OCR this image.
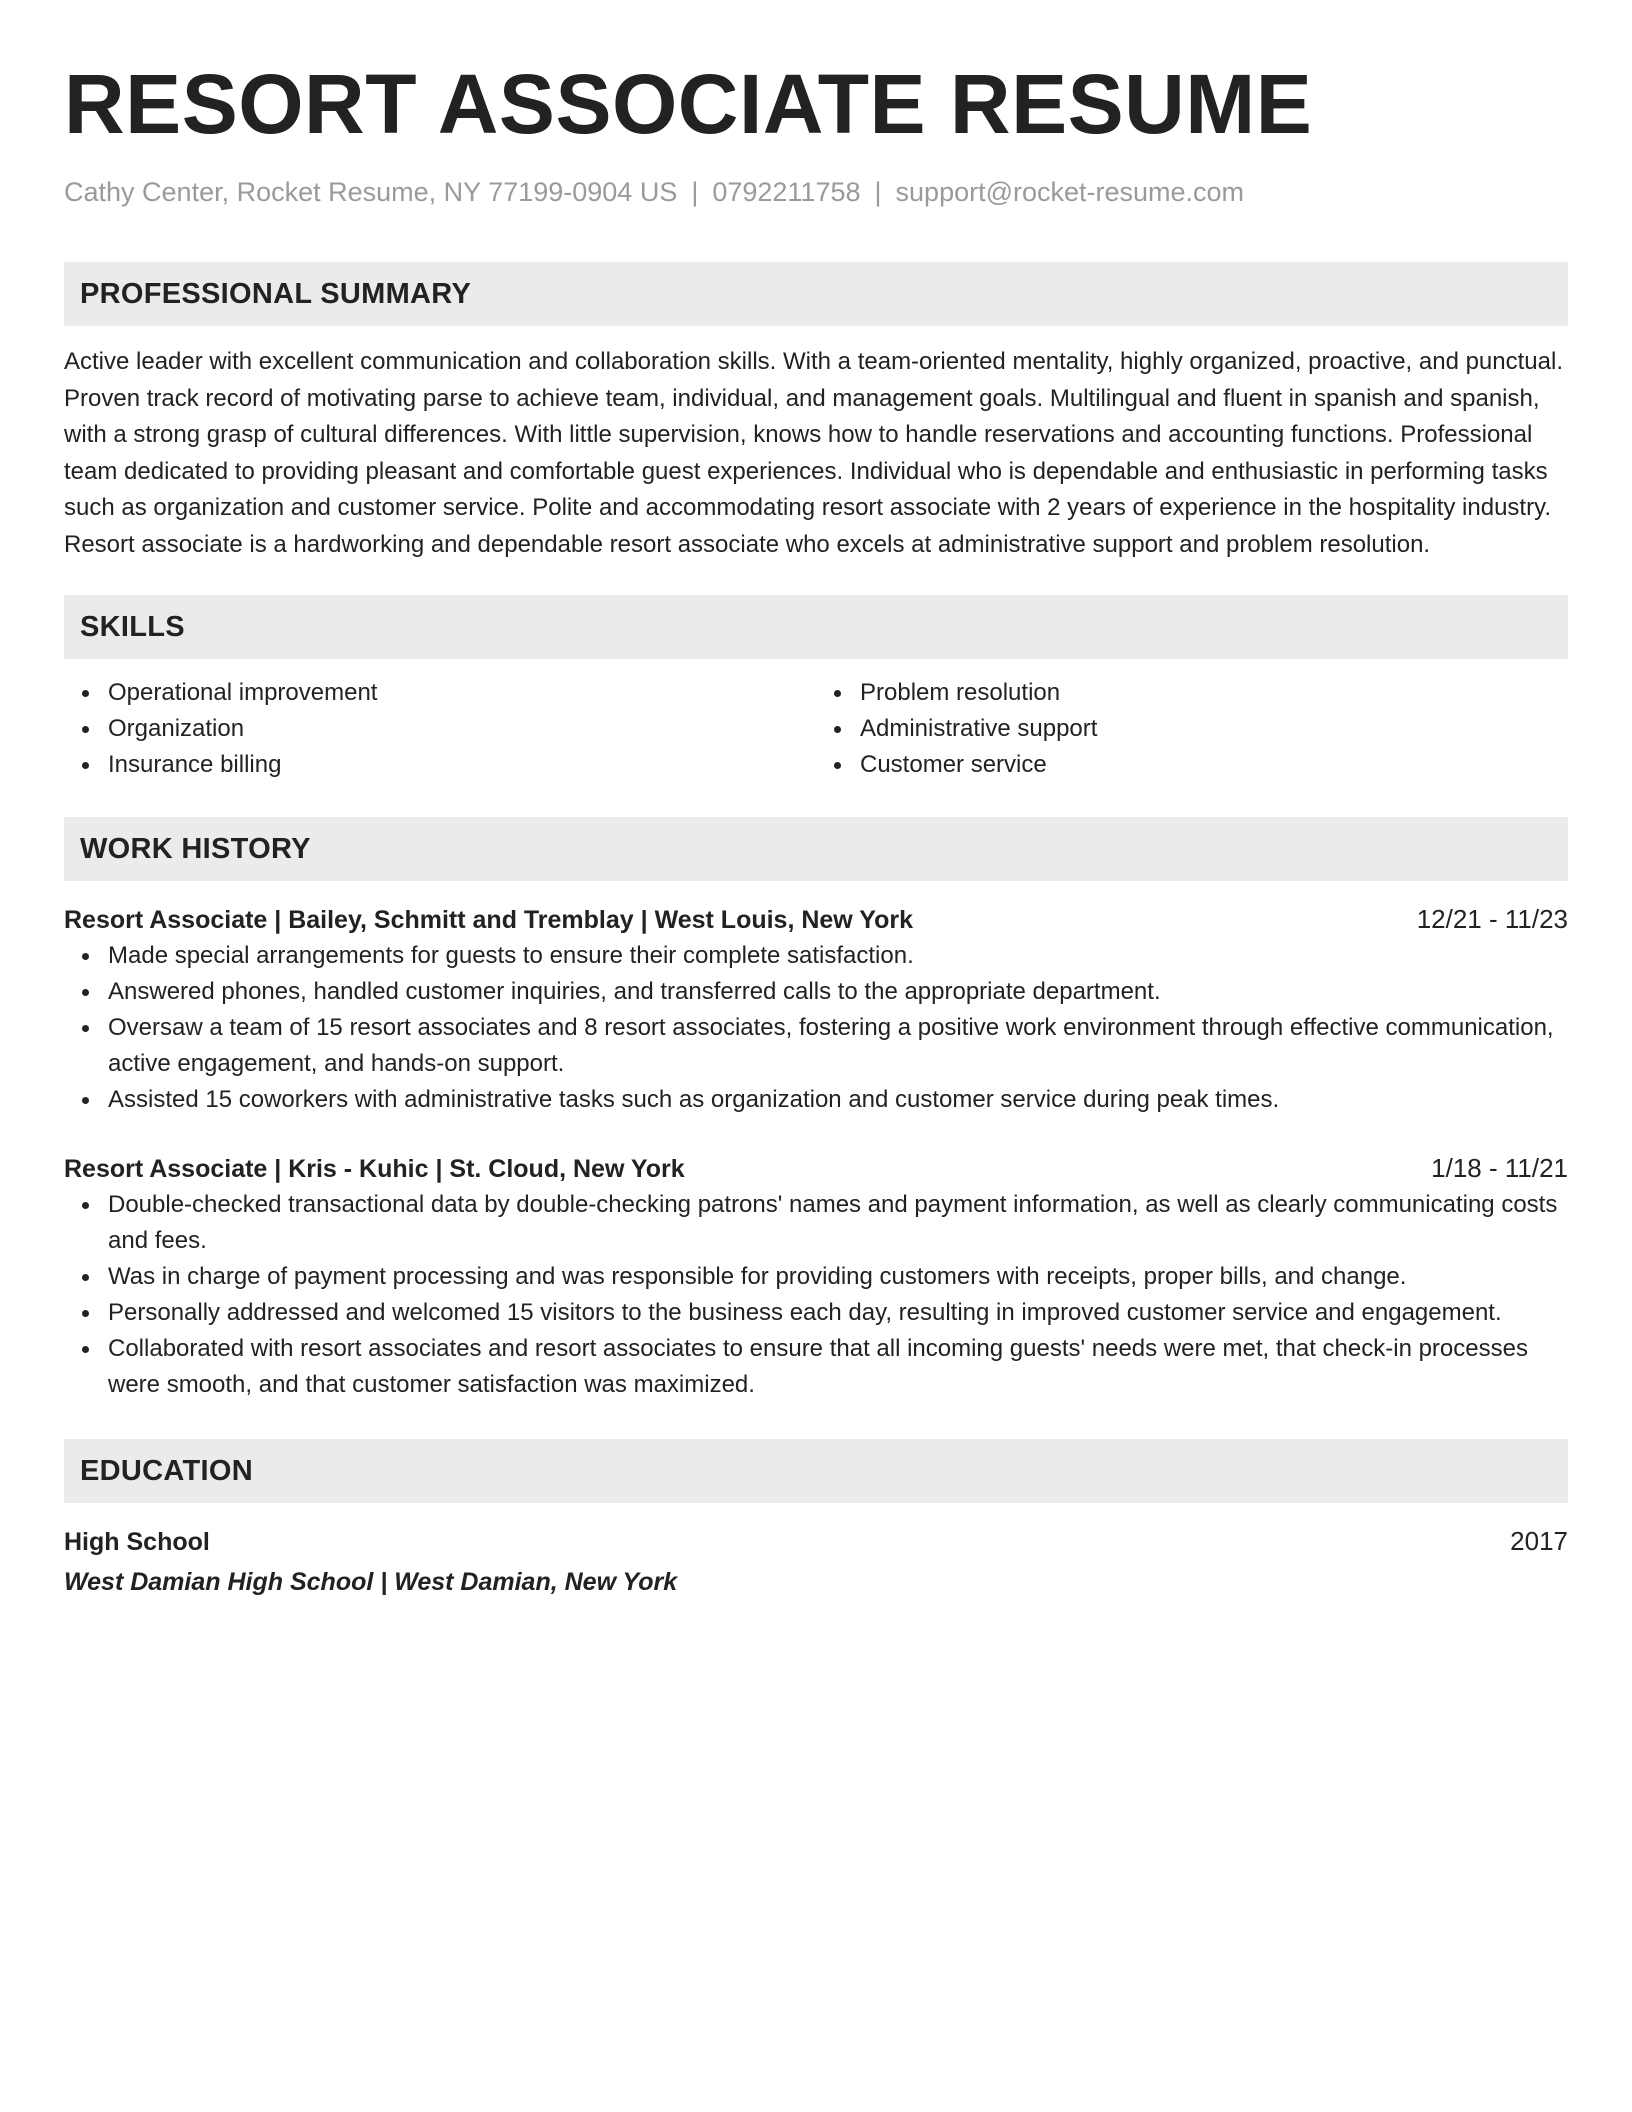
RESORT ASSOCIATE RESUME
Cathy Center, Rocket Resume, NY 77199-0904 US | 0792211758 | support@rocket-resume.com
PROFESSIONAL SUMMARY

Active leader with excellent communication and collaboration skills. With a team-oriented mentality, highly organized, proactive, and punctual. Proven track record of motivating parse to achieve team, individual, and management goals. Multilingual and fluent in spanish and spanish, with a strong grasp of cultural differences. With little supervision, knows how to handle reservations and accounting functions. Professional team dedicated to providing pleasant and comfortable guest experiences. Individual who is dependable and enthusiastic in performing tasks such as organization and customer service. Polite and accommodating resort associate with 2 years of experience in the hospitality industry. Resort associate is a hardworking and dependable resort associate who excels at administrative support and problem resolution.

SKILLS
Operational improvement
Organization
Insurance billing
Problem resolution
Administrative support
Customer service
WORK HISTORY
Resort Associate | Bailey, Schmitt and Tremblay | West Louis, New York	12/21 - 11/23
Made special arrangements for guests to ensure their complete satisfaction.
Answered phones, handled customer inquiries, and transferred calls to the appropriate department.
Oversaw a team of 15 resort associates and 8 resort associates, fostering a positive work environment through effective communication, active engagement, and hands-on support.
Assisted 15 coworkers with administrative tasks such as organization and customer service during peak times.
Resort Associate | Kris - Kuhic | St. Cloud, New York	1/18 - 11/21
Double-checked transactional data by double-checking patrons' names and payment information, as well as clearly communicating costs and fees.
Was in charge of payment processing and was responsible for providing customers with receipts, proper bills, and change.
Personally addressed and welcomed 15 visitors to the business each day, resulting in improved customer service and engagement.
Collaborated with resort associates and resort associates to ensure that all incoming guests' needs were met, that check-in processes were smooth, and that customer satisfaction was maximized.
EDUCATION
High School	2017
West Damian High School | West Damian, New York
